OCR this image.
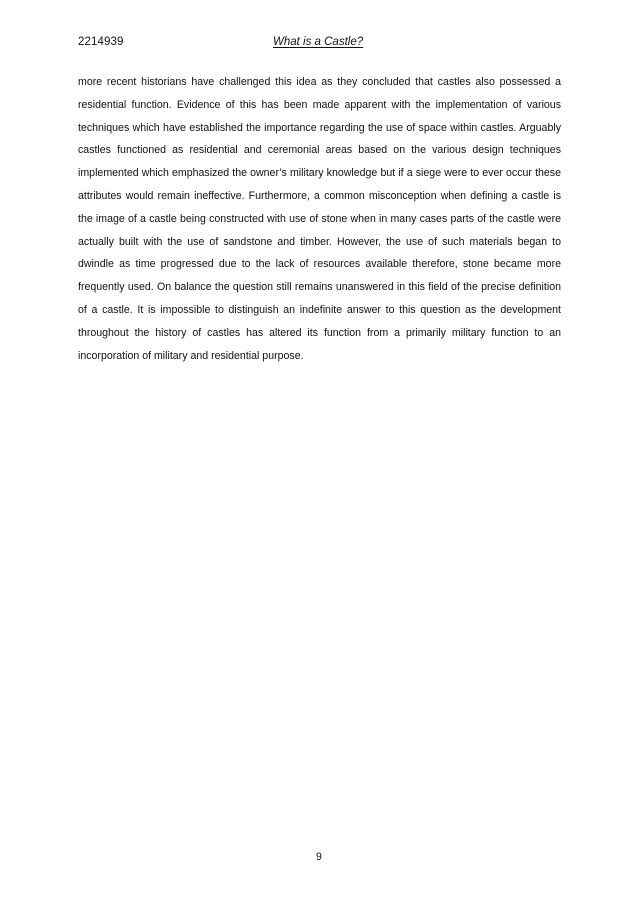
2214939	What is a Castle?

more recent historians have challenged this idea as they concluded that castles also possessed a residential function. Evidence of this has been made apparent with the implementation of various techniques which have established the importance regarding the use of space within castles. Arguably castles functioned as residential and ceremonial areas based on the various design techniques implemented which emphasized the owner’s military knowledge but if a siege were to ever occur these attributes would remain ineffective. Furthermore, a common misconception when defining a castle is the image of a castle being constructed with use of stone when in many cases parts of the castle were actually built with the use of sandstone and timber. However, the use of such materials began to dwindle as time progressed due to the lack of resources available therefore, stone became more frequently used. On balance the question still remains unanswered in this field of the precise definition of a castle. It is impossible to distinguish an indefinite answer to this question as the development throughout the history of castles has altered its function from a primarily military function to an incorporation of military and residential purpose.

9
